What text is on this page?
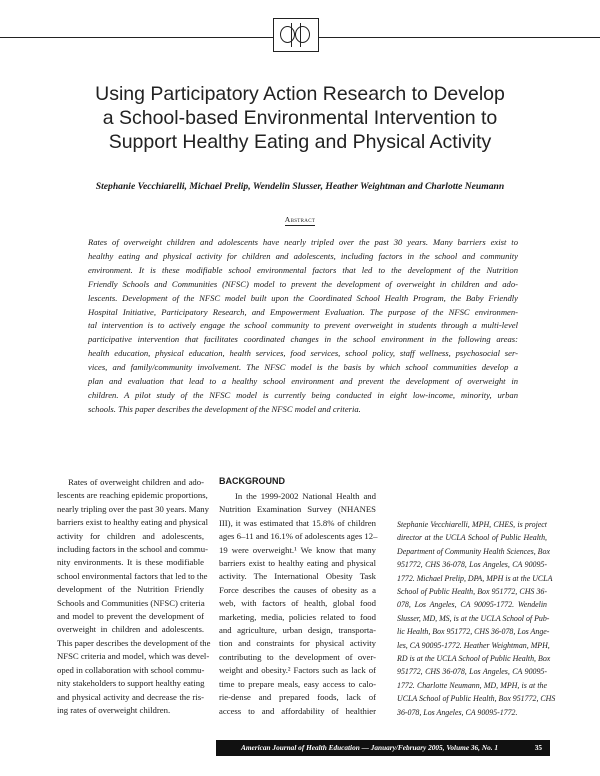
Using Participatory Action Research to Develop
a School-based Environmental Intervention to
Support Healthy Eating and Physical Activity
Stephanie Vecchiarelli, Michael Prelip, Wendelin Slusser, Heather Weightman and Charlotte Neumann
Abstract
Rates of overweight children and adolescents have nearly tripled over the past 30 years. Many barriers exist to
healthy eating and physical activity for children and adolescents, including factors in the school and community
environment. It is these modifiable school environmental factors that led to the development of the Nutrition
Friendly Schools and Communities (NFSC) model to prevent the development of overweight in children and ado-
lescents. Development of the NFSC model built upon the Coordinated School Health Program, the Baby Friendly
Hospital Initiative, Participatory Research, and Empowerment Evaluation. The purpose of the NFSC environmen-
tal intervention is to actively engage the school community to prevent overweight in students through a multi-level
participative intervention that facilitates coordinated changes in the school environment in the following areas:
health education, physical education, health services, food services, school policy, staff wellness, psychosocial ser-
vices, and family/community involvement. The NFSC model is the basis by which school communities develop a
plan and evaluation that lead to a healthy school environment and prevent the development of overweight in
children. A pilot study of the NFSC model is currently being conducted in eight low-income, minority, urban
schools. This paper describes the development of the NFSC model and criteria.
Rates of overweight children and ado-
lescents are reaching epidemic proportions,
nearly tripling over the past 30 years. Many
barriers exist to healthy eating and physical
activity for children and adolescents,
including factors in the school and commu-
nity environments. It is these modifiable
school environmental factors that led to the
development of the Nutrition Friendly
Schools and Communities (NFSC) criteria
and model to prevent the development of
overweight in children and adolescents.
This paper describes the development of the
NFSC criteria and model, which was devel-
oped in collaboration with school commu-
nity stakeholders to support healthy eating
and physical activity and decrease the ris-
ing rates of overweight children.
BACKGROUND
In the 1999-2002 National Health and
Nutrition Examination Survey (NHANES
III), it was estimated that 15.8% of children
ages 6–11 and 16.1% of adolescents ages 12–
19 were overweight.¹ We know that many
barriers exist to healthy eating and physical
activity. The International Obesity Task
Force describes the causes of obesity as a
web, with factors of health, global food
marketing, media, policies related to food
and agriculture, urban design, transporta-
tion and constraints for physical activity
contributing to the development of over-
weight and obesity.² Factors such as lack of
time to prepare meals, easy access to calo-
rie-dense and prepared foods, lack of
access to and affordability of healthier
Stephanie Vecchiarelli, MPH, CHES, is project
director at the UCLA School of Public Health,
Department of Community Health Sciences, Box
951772, CHS 36-078, Los Angeles, CA 90095-
1772. Michael Prelip, DPA, MPH is at the UCLA
School of Public Health, Box 951772, CHS 36-
078, Los Angeles, CA 90095-1772. Wendelin
Slusser, MD, MS, is at the UCLA School of Pub-
lic Health, Box 951772, CHS 36-078, Los Ange-
les, CA 90095-1772. Heather Weightman, MPH,
RD is at the UCLA School of Public Health, Box
951772, CHS 36-078, Los Angeles, CA 90095-
1772. Charlotte Neumann, MD, MPH, is at the
UCLA School of Public Health, Box 951772, CHS
36-078, Los Angeles, CA 90095-1772.
American Journal of Health Education — January/February 2005, Volume 36, No. 1	35
